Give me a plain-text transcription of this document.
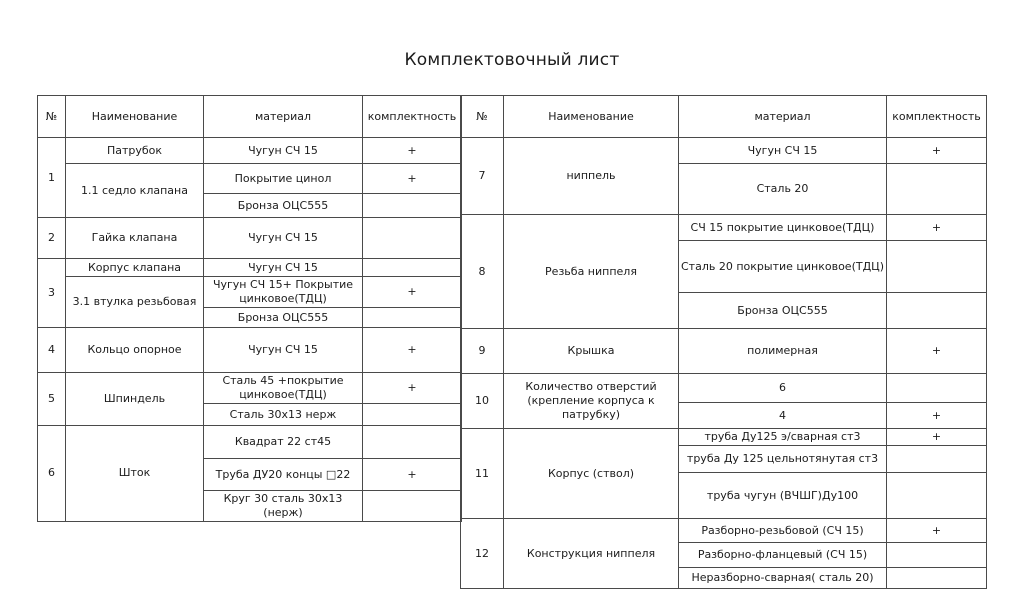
Комплектовочный лист
№	Наименование	материал	комплектность
1	Патрубок	Чугун СЧ 15	+
	1.1 седло клапана	Покрытие цинол	+
		Бронза ОЦС555	
2	Гайка клапана	Чугун СЧ 15	
3	Корпус клапана	Чугун СЧ 15	
	3.1 втулка резьбовая	Чугун СЧ 15+ Покрытие цинковое(ТДЦ)	+
		Бронза ОЦС555	
4	Кольцо опорное	Чугун СЧ 15	+
5	Шпиндель	Сталь 45 +покрытие цинковое(ТДЦ)	+
		Сталь 30х13 нерж	
6	Шток	Квадрат 22 ст45	
		Труба ДУ20 концы □22	+
		Круг 30 сталь 30х13 (нерж)	
№	Наименование	материал	комплектность
7	ниппель	Чугун СЧ 15	+
		Сталь 20	
8	Резьба ниппеля	СЧ 15 покрытие цинковое(ТДЦ)	+
		Сталь 20 покрытие цинковое(ТДЦ)	
		Бронза ОЦС555	
9	Крышка	полимерная	+
10	Количество отверстий (крепление корпуса к патрубку)	6	
		4	+
11	Корпус (ствол)	труба Ду125 э/сварная ст3	+
		труба Ду 125 цельнотянутая ст3	
		труба чугун (ВЧШГ)Ду100	
12	Конструкция ниппеля	Разборно-резьбовой (СЧ 15)	+
		Разборно-фланцевый (СЧ 15)	
		Неразборно-сварная( сталь 20)	
